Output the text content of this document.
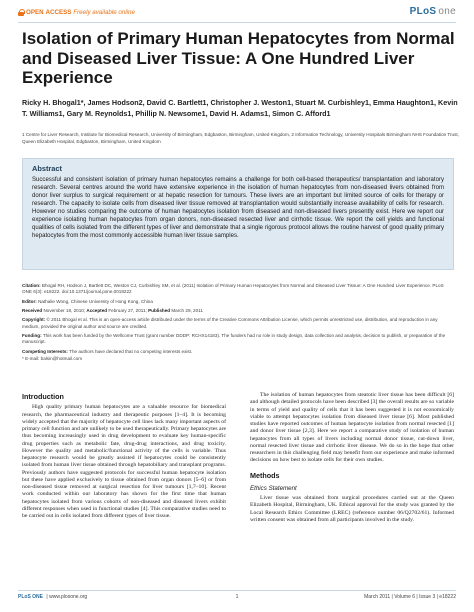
OPEN ACCESS Freely available online	PLoS one
Isolation of Primary Human Hepatocytes from Normal and Diseased Liver Tissue: A One Hundred Liver Experience
Ricky H. Bhogal1*, James Hodson2, David C. Bartlett1, Christopher J. Weston1, Stuart M. Curbishley1, Emma Haughton1, Kevin T. Williams1, Gary M. Reynolds1, Phillip N. Newsome1, David H. Adams1, Simon C. Afford1
1 Centre for Liver Research, Institute for Biomedical Research, University of Birmingham, Edgbaston, Birmingham, United Kingdom, 2 Information Technology, University Hospitals Birmingham NHS Foundation Trust, Queen Elizabeth Hospital, Edgbaston, Birmingham, United Kingdom
Abstract
Successful and consistent isolation of primary human hepatocytes remains a challenge for both cell-based therapeutics/ transplantation and laboratory research. Several centres around the world have extensive experience in the isolation of human hepatocytes from non-diseased livers obtained from donor liver surplus to surgical requirement or at hepatic resection for tumours. These livers are an important but limited source of cells for therapy or research. The capacity to isolate cells from diseased liver tissue removed at transplantation would substantially increase availability of cells for research. However no studies comparing the outcome of human hepatocytes isolation from diseased and non-diseased livers presently exist. Here we report our experience isolating human hepatocytes from organ donors, non-diseased resected liver and cirrhotic tissue. We report the cell yields and functional qualities of cells isolated from the different types of liver and demonstrate that a single rigorous protocol allows the routine harvest of good quality primary hepatocytes from the most commonly accessible human liver tissue samples.

Citation: Bhogal RH, Hodson J, Bartlett DC, Weston CJ, Curbishley SM, et al. (2011) Isolation of Primary Human Hepatocytes from Normal and Diseased Liver Tissue: A One Hundred Liver Experience. PLoS ONE 6(3): e18222. doi:10.1371/journal.pone.0018222

Editor: Nathalie Wong, Chinese University of Hong Kong, China

Received November 18, 2010; Accepted February 27, 2011; Published March 29, 2011

Copyright: © 2011 Bhogal et al. This is an open-access article distributed under the terms of the Creative Commons Attribution License, which permits unrestricted use, distribution, and reproduction in any medium, provided the original author and source are credited.

Funding: This work has been funded by the Wellcome Trust (grant number DDDP: RCHX14183). The funders had no role in study design, data collection and analysis, decision to publish, or preparation of the manuscript.

Competing Interests: The authors have declared that no competing interests exist.

* E-mail: balsin@hotmail.com

Introduction

High quality primary human hepatocytes are a valuable resource for biomedical research, the pharmaceutical industry and therapeutic purposes [1–4]. It is becoming widely accepted that the majority of hepatocyte cell lines lack many important aspects of primary cell function and are unlikely to be used therapeutically. Primary hepatocytes are thus becoming increasingly used in drug development to evaluate key human-specific drug properties such as metabolic fate, drug-drug interactions, and drug toxicity. However the quality and metabolic/functional activity of the cells is variable. Thus hepatocyte research would be greatly assisted if hepatocytes could be consistently isolated from human liver tissue obtained through hepatobiliary and transplant programs. Previously authors have suggested protocols for successful human hepatocyte isolation but these have applied exclusively to tissue obtained from organ donors [5–6] or from non-diseased tissue removed at surgical resection for liver tumours [1,7–10]. Recent work conducted within our laboratory has shown for the first time that human hepatocytes isolated from various cohorts of non-diseased and diseased livers exhibit different responses when used in functional studies [4]. This comparative studies need to be carried out in cells isolated from different types of liver tissue.

The isolation of human hepatocytes from steatotic liver tissue has been difficult [6] and although detailed protocols have been described [3] the overall results are so variable in terms of yield and quality of cells that it has been suggested it is not economically viable to attempt hepatocytes isolation from diseased liver tissue [6]. Most published studies have reported outcomes of human hepatocyte isolation from normal resected [1] and donor liver tissue [2,3]. Here we report a comparative study of isolation of human hepatocytes from all types of livers including normal donor tissue, cut-down liver, normal resected liver tissue and cirrhotic liver disease. We do so in the hope that other researchers in this challenging field may benefit from our experience and make informed decisions on how best to isolate cells for their own studies.

Methods
Ethics Statement

Liver tissue was obtained from surgical procedures carried out at the Queen Elizabeth Hospital, Birmingham, UK. Ethical approval for the study was granted by the Local Research Ethics Committee (LREC) (reference number 06/Q2702/61). Informed written consent was obtained from all participants involved in the study.

PLoS ONE | www.plosone.org	1	March 2011 | Volume 6 | Issue 3 | e18222
